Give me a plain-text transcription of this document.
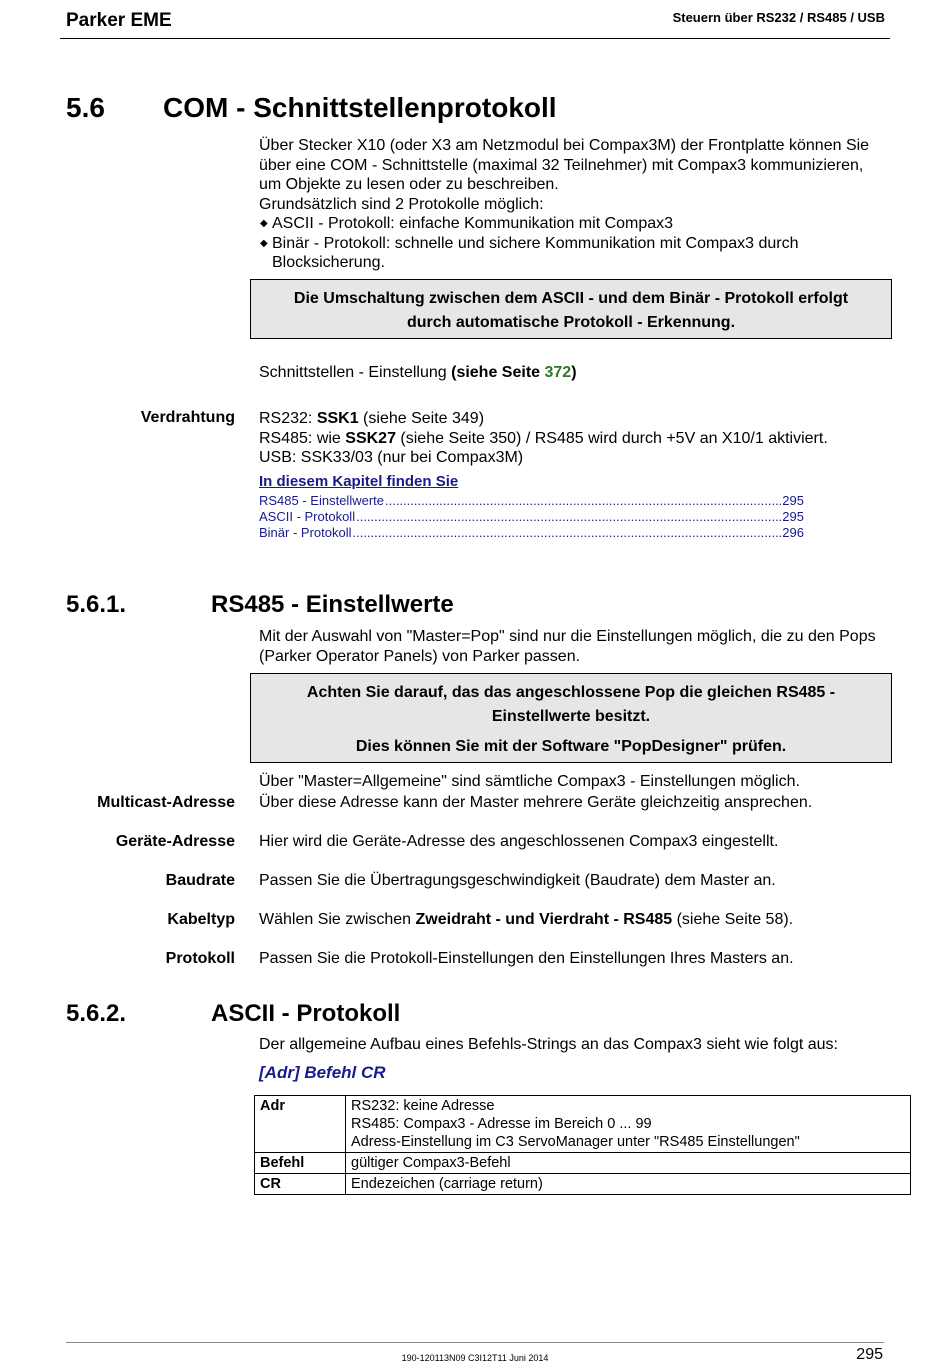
Parker EME	Steuern über RS232 / RS485 / USB
5.6 COM - Schnittstellenprotokoll

Über Stecker X10 (oder X3 am Netzmodul bei Compax3M) der Frontplatte können Sie über eine COM - Schnittstelle (maximal 32 Teilnehmer) mit Compax3 kommunizieren, um Objekte zu lesen oder zu beschreiben.

Grundsätzlich sind 2 Protokolle möglich:

◆ ASCII - Protokoll: einfache Kommunikation mit Compax3
◆ Binär - Protokoll: schnelle und sichere Kommunikation mit Compax3 durch Blocksicherung.

Die Umschaltung zwischen dem ASCII - und dem Binär - Protokoll erfolgt durch automatische Protokoll - Erkennung.

Schnittstellen - Einstellung (siehe Seite 372)
Verdrahtung RS232: SSK1 (siehe Seite 349)

RS485: wie SSK27 (siehe Seite 350) / RS485 wird durch +5V an X10/1 aktiviert.

USB: SSK33/03 (nur bei Compax3M)

In diesem Kapitel finden Sie
RS485 - Einstellwerte .....	295
ASCII - Protokoll .....	295
Binär - Protokoll .....	296
5.6.1.	RS485 - Einstellwerte
Mit der Auswahl von "Master=Pop" sind nur die Einstellungen möglich, die zu den Pops (Parker Operator Panels) von Parker passen.

Achten Sie darauf, das das angeschlossene Pop die gleichen RS485 - Einstellwerte besitzt.

Dies können Sie mit der Software "PopDesigner" prüfen.

Über "Master=Allgemeine" sind sämtliche Compax3 - Einstellungen möglich.
Multicast-Adresse Über diese Adresse kann der Master mehrere Geräte gleichzeitig ansprechen.
Geräte-Adresse Hier wird die Geräte-Adresse des angeschlossenen Compax3 eingestellt.
Baudrate Passen Sie die Übertragungsgeschwindigkeit (Baudrate) dem Master an.
Kabeltyp Wählen Sie zwischen Zweidraht - und Vierdraht - RS485 (siehe Seite 58).
Protokoll Passen Sie die Protokoll-Einstellungen den Einstellungen Ihres Masters an.
5.6.2.	ASCII - Protokoll
Der allgemeine Aufbau eines Befehls-Strings an das Compax3 sieht wie folgt aus:
[Adr] Befehl CR
Adr	RS232: keine Adresse
RS485: Compax3 - Adresse im Bereich 0 ... 99
Adress-Einstellung im C3 ServoManager unter "RS485 Einstellungen"

Befehl	gültiger Compax3-Befehl

CR	Endezeichen (carriage return)
190-120113N09 C3I12T11 Juni 2014	295
